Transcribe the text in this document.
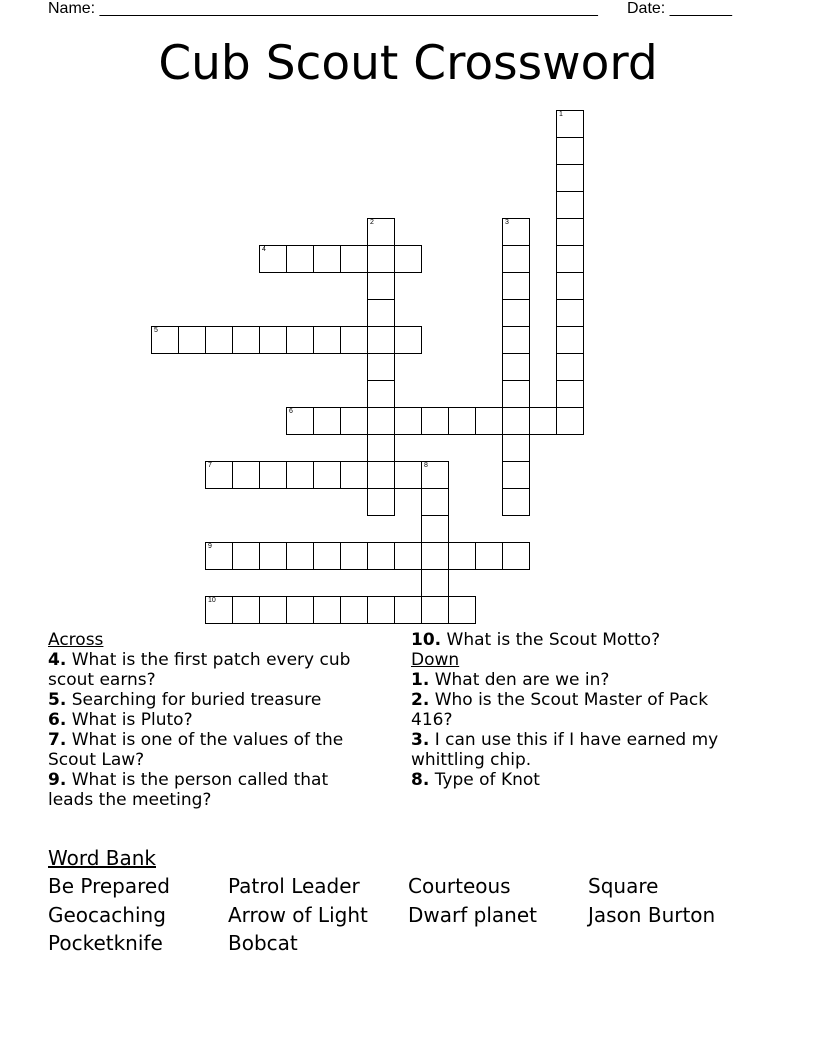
Name: ________________________________________________________ Date: _______
Cub Scout Crossword
1
2	3
4
5
6
7	8
9
10
Across
4. What is the first patch every cub scout earns?
5. Searching for buried treasure
6. What is Pluto?
7. What is one of the values of the Scout Law?
9. What is the person called that leads the meeting?
10. What is the Scout Motto?
Down
1. What den are we in?
2. Who is the Scout Master of Pack 416?
3. I can use this if I have earned my whittling chip.
8. Type of Knot
Word Bank
Be Prepared	Patrol Leader	Courteous	Square
Geocaching	Arrow of Light	Dwarf planet	Jason Burton
Pocketknife	Bobcat
